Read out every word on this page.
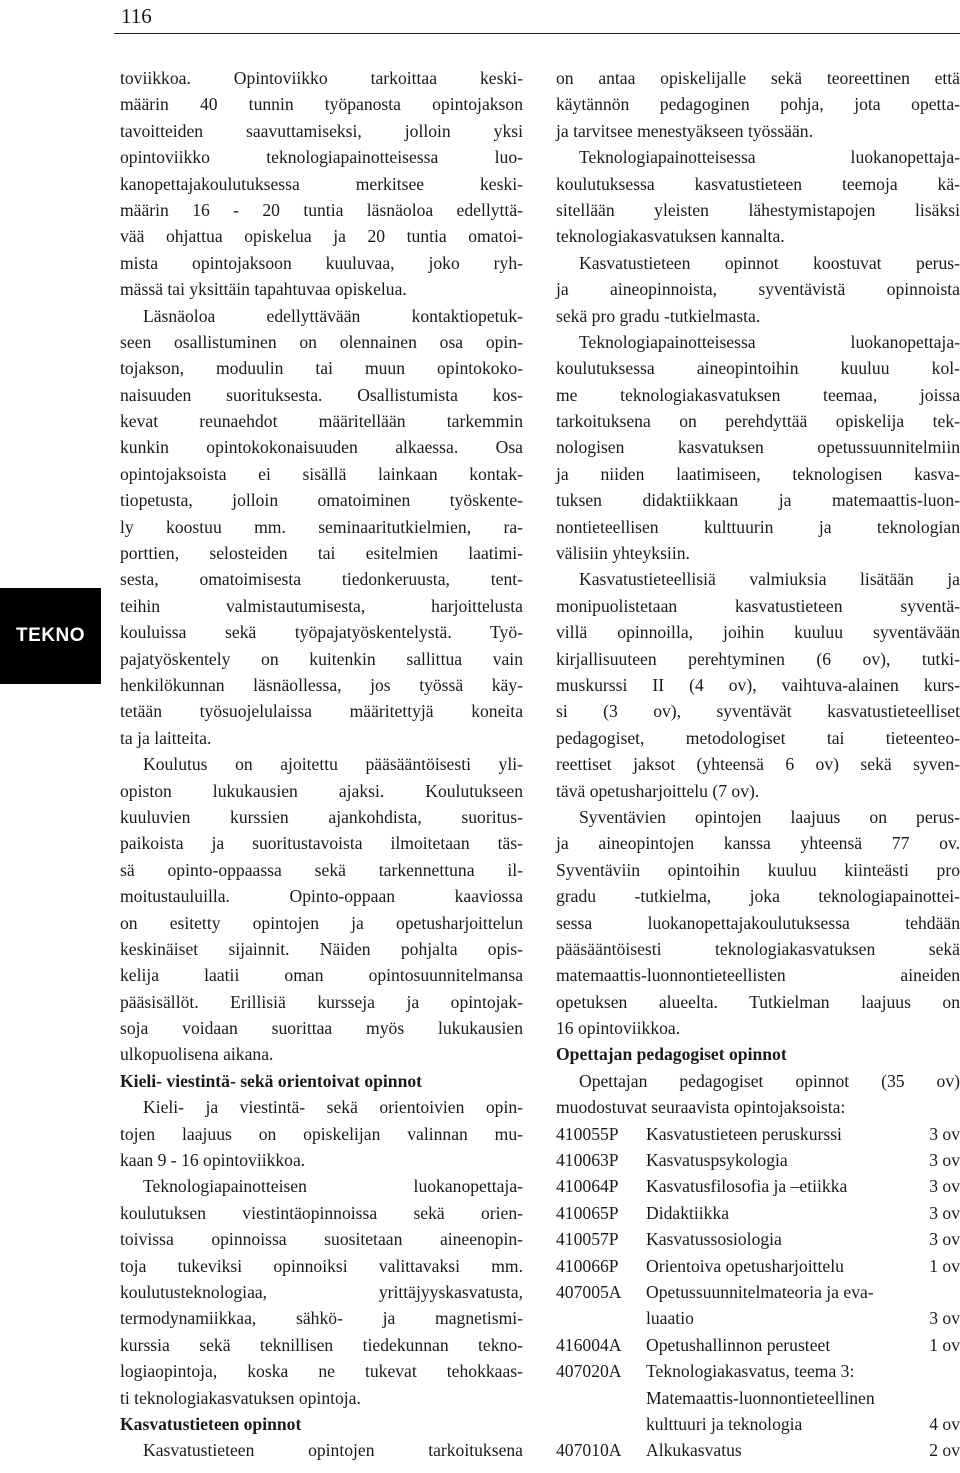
116
TEKNO
toviikkoa. Opintoviikko tarkoittaa keski-
määrin 40 tunnin työpanosta opintojakson
tavoitteiden saavuttamiseksi, jolloin yksi
opintoviikko teknologiapainotteisessa luo-
kanopettajakoulutuksessa merkitsee keski-
määrin 16 - 20 tuntia läsnäoloa edellyttä-
vää ohjattua opiskelua ja 20 tuntia omatoi-
mista opintojaksoon kuuluvaa, joko ryh-
mässä tai yksittäin tapahtuvaa opiskelua.
Läsnäoloa edellyttävään kontaktiopetuk-
seen osallistuminen on olennainen osa opin-
tojakson, moduulin tai muun opintokoko-
naisuuden suorituksesta. Osallistumista kos-
kevat reunaehdot määritellään tarkemmin
kunkin opintokokonaisuuden alkaessa. Osa
opintojaksoista ei sisällä lainkaan kontak-
tiopetusta, jolloin omatoiminen työskente-
ly koostuu mm. seminaaritutkielmien, ra-
porttien, selosteiden tai esitelmien laatimi-
sesta, omatoimisesta tiedonkeruusta, tent-
teihin valmistautumisesta, harjoittelusta
kouluissa sekä työpajatyöskentelystä. Työ-
pajatyöskentely on kuitenkin sallittua vain
henkilökunnan läsnäollessa, jos työssä käy-
tetään työsuojelulaissa määritettyjä koneita
ta ja laitteita.
Koulutus on ajoitettu pääsääntöisesti yli-
opiston lukukausien ajaksi. Koulutukseen
kuuluvien kurssien ajankohdista, suoritus-
paikoista ja suoritustavoista ilmoitetaan täs-
sä opinto-oppaassa sekä tarkennettuna il-
moitustauluilla. Opinto-oppaan kaaviossa
on esitetty opintojen ja opetusharjoittelun
keskinäiset sijainnit. Näiden pohjalta opis-
kelija laatii oman opintosuunnitelmansa
pääsisällöt. Erillisiä kursseja ja opintojak-
soja voidaan suorittaa myös lukukausien
ulkopuolisena aikana.
Kieli- viestintä- sekä orientoivat opinnot
Kieli- ja viestintä- sekä orientoivien opin-
tojen laajuus on opiskelijan valinnan mu-
kaan 9 - 16 opintoviikkoa.
Teknologiapainotteisen luokanopettaja-
koulutuksen viestintäopinnoissa sekä orien-
toivissa opinnoissa suositetaan aineenopin-
toja tukeviksi opinnoiksi valittavaksi mm.
koulutusteknologiaa, yrittäjyyskasvatusta,
termodynamiikkaa, sähkö- ja magnetismi-
kurssia sekä teknillisen tiedekunnan tekno-
logiaopintoja, koska ne tukevat tehokkaas-
ti teknologiakasvatuksen opintoja.
Kasvatustieteen opinnot
Kasvatustieteen opintojen tarkoituksena
on antaa opiskelijalle sekä teoreettinen että
käytännön pedagoginen pohja, jota opetta-
ja tarvitsee menestyäkseen työssään.
Teknologiapainotteisessa luokanopettaja-
koulutuksessa kasvatustieteen teemoja kä-
sitellään yleisten lähestymistapojen lisäksi
teknologiakasvatuksen kannalta.
Kasvatustieteen opinnot koostuvat perus-
ja aineopinnoista, syventävistä opinnoista
sekä pro gradu -tutkielmasta.
Teknologiapainotteisessa luokanopettaja-
koulutuksessa aineopintoihin kuuluu kol-
me teknologiakasvatuksen teemaa, joissa
tarkoituksena on perehdyttää opiskelija tek-
nologisen kasvatuksen opetussuunnitelmiin
ja niiden laatimiseen, teknologisen kasva-
tuksen didaktiikkaan ja matemaattis-luon-
nontieteellisen kulttuurin ja teknologian
välisiin yhteyksiin.
Kasvatustieteellisiä valmiuksia lisätään ja
monipuolistetaan kasvatustieteen syventä-
villä opinnoilla, joihin kuuluu syventävään
kirjallisuuteen perehtyminen (6 ov), tutki-
muskurssi II (4 ov), vaihtuva-alainen kurs-
si (3 ov), syventävät kasvatustieteelliset
pedagogiset, metodologiset tai tieteenteo-
reettiset jaksot (yhteensä 6 ov) sekä syven-
tävä opetusharjoittelu (7 ov).
Syventävien opintojen laajuus on perus-
ja aineopintojen kanssa yhteensä 77 ov.
Syventäviin opintoihin kuuluu kiinteästi pro
gradu -tutkielma, joka teknologiapainottei-
sessa luokanopettajakoulutuksessa tehdään
pääsääntöisesti teknologiakasvatuksen sekä
matemaattis-luonnontieteellisten aineiden
opetuksen alueelta. Tutkielman laajuus on
16 opintoviikkoa.
Opettajan pedagogiset opinnot
Opettajan pedagogiset opinnot (35 ov)
muodostuvat seuraavista opintojaksoista:
410055P Kasvatustieteen peruskurssi	3 ov
410063P Kasvatuspsykologia	3 ov
410064P Kasvatusfilosofia ja –etiikka	3 ov
410065P Didaktiikka	3 ov
410057P Kasvatussosiologia	3 ov
410066P Orientoiva opetusharjoittelu	1 ov
407005A Opetussuunnitelmateoria ja eva-
luaatio	3 ov
416004A Opetushallinnon perusteet	1 ov
407020A Teknologiakasvatus, teema 3:
Matemaattis-luonnontieteellinen
kulttuuri ja teknologia	4 ov
407010A Alkukasvatus	2 ov
